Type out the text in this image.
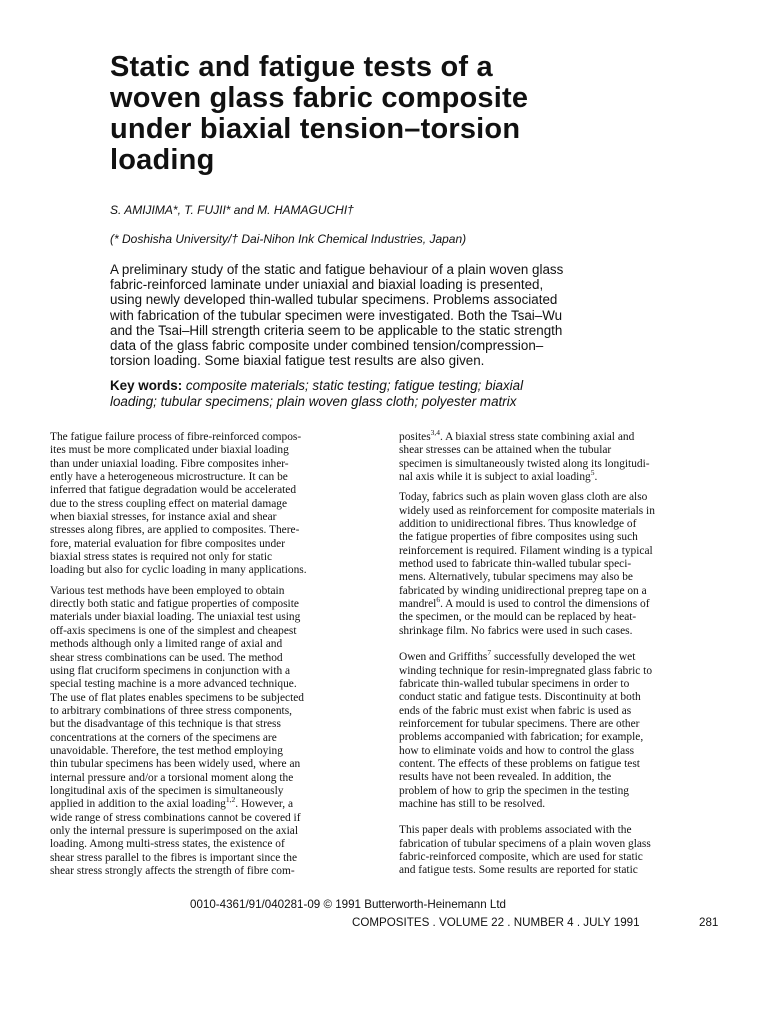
Static and fatigue tests of a
woven glass fabric composite
under biaxial tension–torsion
loading
S. AMIJIMA*, T. FUJII* and M. HAMAGUCHI†
(* Doshisha University/† Dai-Nihon Ink Chemical Industries, Japan)
A preliminary study of the static and fatigue behaviour of a plain woven glass
fabric-reinforced laminate under uniaxial and biaxial loading is presented,
using newly developed thin-walled tubular specimens. Problems associated
with fabrication of the tubular specimen were investigated. Both the Tsai–Wu
and the Tsai–Hill strength criteria seem to be applicable to the static strength
data of the glass fabric composite under combined tension/compression–
torsion loading. Some biaxial fatigue test results are also given.
Key words: composite materials; static testing; fatigue testing; biaxial
loading; tubular specimens; plain woven glass cloth; polyester matrix

The fatigue failure process of fibre-reinforced compos-
ites must be more complicated under biaxial loading
than under uniaxial loading. Fibre composites inher-
ently have a heterogeneous microstructure. It can be
inferred that fatigue degradation would be accelerated
due to the stress coupling effect on material damage
when biaxial stresses, for instance axial and shear
stresses along fibres, are applied to composites. There-
fore, material evaluation for fibre composites under
biaxial stress states is required not only for static
loading but also for cyclic loading in many applications.

Various test methods have been employed to obtain
directly both static and fatigue properties of composite
materials under biaxial loading. The uniaxial test using
off-axis specimens is one of the simplest and cheapest
methods although only a limited range of axial and
shear stress combinations can be used. The method
using flat cruciform specimens in conjunction with a
special testing machine is a more advanced technique.
The use of flat plates enables specimens to be subjected
to arbitrary combinations of three stress components,
but the disadvantage of this technique is that stress
concentrations at the corners of the specimens are
unavoidable. Therefore, the test method employing
thin tubular specimens has been widely used, where an
internal pressure and/or a torsional moment along the
longitudinal axis of the specimen is simultaneously
applied in addition to the axial loading$^{1,2}$. However, a
wide range of stress combinations cannot be covered if
only the internal pressure is superimposed on the axial
loading. Among multi-stress states, the existence of
shear stress parallel to the fibres is important since the
shear stress strongly affects the strength of fibre com-

posites$^{3,4}$. A biaxial stress state combining axial and
shear stresses can be attained when the tubular
specimen is simultaneously twisted along its longitudi-
nal axis while it is subject to axial loading$^5$.

Today, fabrics such as plain woven glass cloth are also
widely used as reinforcement for composite materials in
addition to unidirectional fibres. Thus knowledge of
the fatigue properties of fibre composites using such
reinforcement is required. Filament winding is a typical
method used to fabricate thin-walled tubular speci-
mens. Alternatively, tubular specimens may also be
fabricated by winding unidirectional prepreg tape on a
mandrel$^6$. A mould is used to control the dimensions of
the specimen, or the mould can be replaced by heat-
shrinkage film. No fabrics were used in such cases.

Owen and Griffiths$^7$ successfully developed the wet
winding technique for resin-impregnated glass fabric to
fabricate thin-walled tubular specimens in order to
conduct static and fatigue tests. Discontinuity at both
ends of the fabric must exist when fabric is used as
reinforcement for tubular specimens. There are other
problems accompanied with fabrication; for example,
how to eliminate voids and how to control the glass
content. The effects of these problems on fatigue test
results have not been revealed. In addition, the
problem of how to grip the specimen in the testing
machine has still to be resolved.

This paper deals with problems associated with the
fabrication of tubular specimens of a plain woven glass
fabric-reinforced composite, which are used for static
and fatigue tests. Some results are reported for static

0010-4361/91/040281-09 © 1991 Butterworth-Heinemann Ltd
COMPOSITES . VOLUME 22 . NUMBER 4 . JULY 1991	281
